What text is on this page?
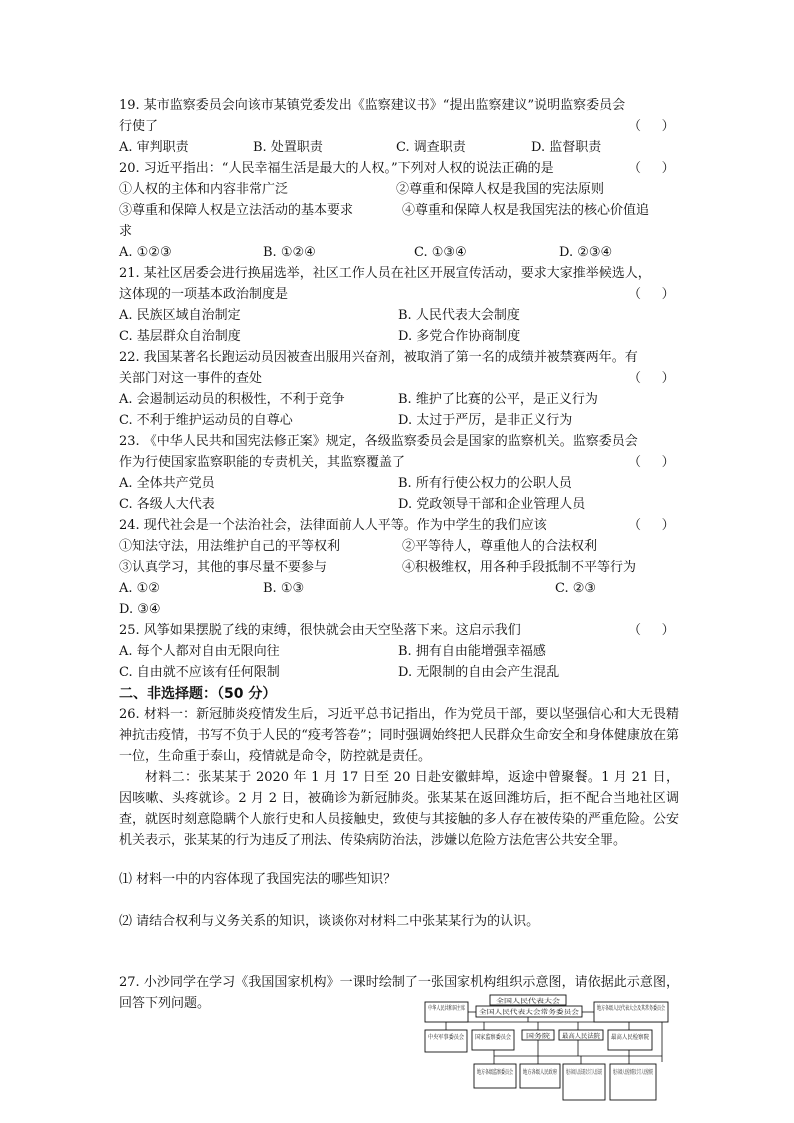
19. 某市监察委员会向该市某镇党委发出《监察建议书》“提出监察建议”说明监察委员会
行使了	（     ）
A. 审判职责	B. 处置职责	C. 调查职责	D. 监督职责
20. 习近平指出：“人民幸福生活是最大的人权。”下列对人权的说法正确的是	（     ）
①人权的主体和内容非常广泛	②尊重和保障人权是我国的宪法原则
③尊重和保障人权是立法活动的基本要求	④尊重和保障人权是我国宪法的核心价值追
求
A. ①②③	B. ①②④	C. ①③④	D. ②③④
21. 某社区居委会进行换届选举，社区工作人员在社区开展宣传活动，要求大家推举候选人，
这体现的一项基本政治制度是	（     ）
A. 民族区域自治制定	B. 人民代表大会制度
C. 基层群众自治制度	D. 多党合作协商制度
22. 我国某著名长跑运动员因被查出服用兴奋剂，被取消了第一名的成绩并被禁赛两年。有
关部门对这一事件的查处	（     ）
A. 会遏制运动员的积极性，不利于竞争	B. 维护了比赛的公平，是正义行为
C. 不利于维护运动员的自尊心	D. 太过于严厉，是非正义行为
23. 《中华人民共和国宪法修正案》规定，各级监察委员会是国家的监察机关。监察委员会
作为行使国家监察职能的专责机关，其监察覆盖了	（     ）
A. 全体共产党员	B. 所有行使公权力的公职人员
C. 各级人大代表	D. 党政领导干部和企业管理人员
24. 现代社会是一个法治社会，法律面前人人平等。作为中学生的我们应该	（     ）
①知法守法，用法维护自己的平等权利	②平等待人，尊重他人的合法权利
③认真学习，其他的事尽量不要参与	④积极维权，用各种手段抵制不平等行为
A. ①②	B. ①③	C. ②③
D. ③④
25. 风筝如果摆脱了线的束缚，很快就会由天空坠落下来。这启示我们	（     ）
A. 每个人都对自由无限向往	B. 拥有自由能增强幸福感
C. 自由就不应该有任何限制	D. 无限制的自由会产生混乱
二、非选择题：（50 分）
26. 材料一：新冠肺炎疫情发生后，习近平总书记指出，作为党员干部，要以坚强信心和大无畏精神抗击疫情，书写不负于人民的“疫考答卷”；同时强调始终把人民群众生命安全和身体健康放在第一位，生命重于泰山，疫情就是命令，防控就是责任。
材料二：张某某于 2020 年 1 月 17 日至 20 日赴安徽蚌埠，返途中曾聚餐。1 月 21 日，因咳嗽、头疼就诊。2 月 2 日，被确诊为新冠肺炎。张某某在返回潍坊后，拒不配合当地社区调查，就医时刻意隐瞒个人旅行史和人员接触史，致使与其接触的多人存在被传染的严重危险。公安机关表示，张某某的行为违反了刑法、传染病防治法，涉嫌以危险方法危害公共安全罪。
⑴ 材料一中的内容体现了我国宪法的哪些知识？
⑵ 请结合权利与义务关系的知识，谈谈你对材料二中张某某行为的认识。
27. 小沙同学在学习《我国国家机构》一课时绘制了一张国家机构组织示意图，请依据此示意图，回答下列问题。	中华人民共和国主席
全国人民代表大会
全国人民代表大会常务委员会
地方各级人民代表大会及其
中央军事委员会 国家监察委员会 国务院	最高人民法院 最高人民检察院
地方各级监察委员会
地方各级人民政府	地方各级人民检察院及
